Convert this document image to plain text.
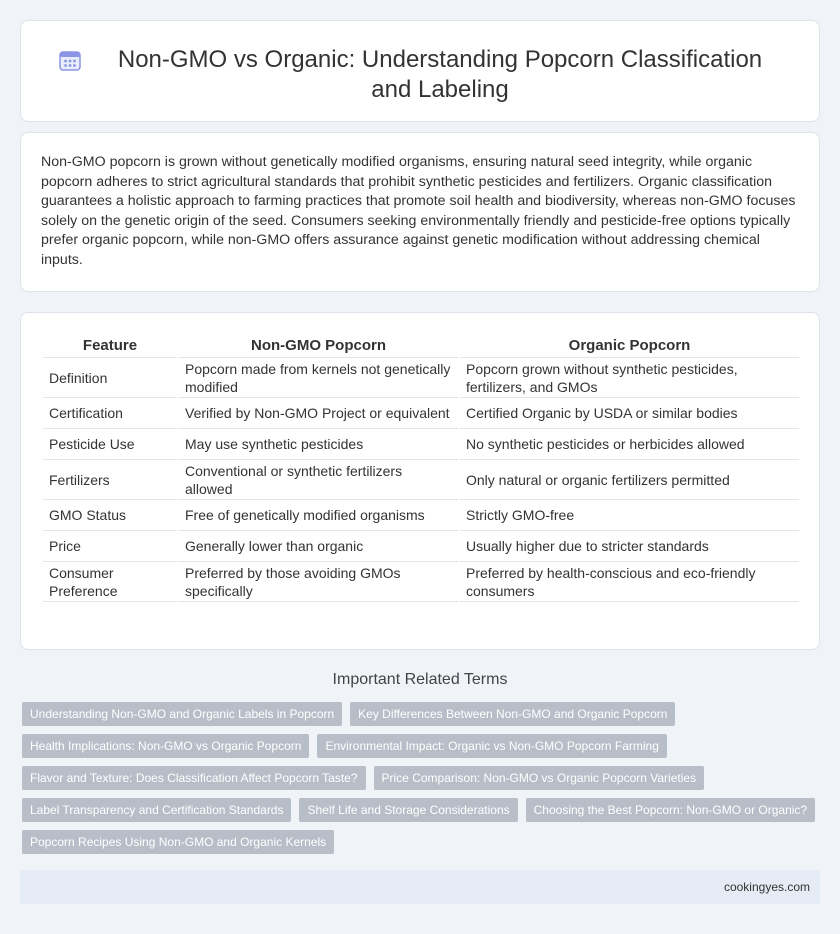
Non-GMO vs Organic: Understanding Popcorn Classification and Labeling

Non-GMO popcorn is grown without genetically modified organisms, ensuring natural seed integrity, while organic popcorn adheres to strict agricultural standards that prohibit synthetic pesticides and fertilizers. Organic classification guarantees a holistic approach to farming practices that promote soil health and biodiversity, whereas non-GMO focuses solely on the genetic origin of the seed. Consumers seeking environmentally friendly and pesticide-free options typically prefer organic popcorn, while non-GMO offers assurance against genetic modification without addressing chemical inputs.

Feature	Non-GMO Popcorn	Organic Popcorn
Definition	Popcorn made from kernels not genetically modified	Popcorn grown without synthetic pesticides, fertilizers, and GMOs
Certification	Verified by Non-GMO Project or equivalent	Certified Organic by USDA or similar bodies
Pesticide Use	May use synthetic pesticides	No synthetic pesticides or herbicides allowed
Fertilizers	Conventional or synthetic fertilizers allowed	Only natural or organic fertilizers permitted
GMO Status	Free of genetically modified organisms	Strictly GMO-free
Price	Generally lower than organic	Usually higher due to stricter standards
Consumer Preference	Preferred by those avoiding GMOs specifically	Preferred by health-conscious and eco-friendly consumers
Important Related Terms
Understanding Non-GMO and Organic Labels in Popcorn	Key Differences Between Non-GMO and Organic Popcorn
Health Implications: Non-GMO vs Organic Popcorn	Environmental Impact: Organic vs Non-GMO Popcorn Farming
Flavor and Texture: Does Classification Affect Popcorn Taste?	Price Comparison: Non-GMO vs Organic Popcorn Varieties
Label Transparency and Certification Standards	Shelf Life and Storage Considerations	Choosing the Best Popcorn: Non-GMO or Organic?
Popcorn Recipes Using Non-GMO and Organic Kernels
cookingyes.com
